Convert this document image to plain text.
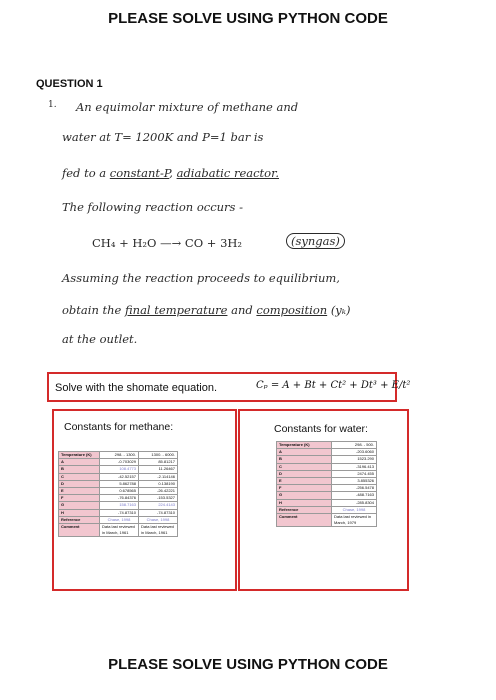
PLEASE SOLVE USING PYTHON CODE
QUESTION 1
1. An equimolar mixture of methane and
water at T= 1200K and P=1 bar is
fed to a constant-P, adiabatic reactor.
The following reaction occurs -
CH₄ + H₂O —→ CO + 3H₂	(syngas)
Assuming the reaction proceeds to equilibrium,
obtain the final temperature and composition (yₖ)
at the outlet.
Solve with the shomate equation.	Cₚ = A + Bt + Ct² + Dt³ + E/t²
Constants for methane:
Temperature (K)	298. - 1300.	1300. - 6000.
A	-0.703029	85.81217
B	108.4773	11.26467
C	-42.52157	-2.114146
D	5.862788	0.138190
E	0.678565	-26.42221
F	-76.84376	-153.5327
G	158.7163	224.4143
H	-74.87310	-74.87310
Reference	Chase, 1998	Chase, 1998
Comment	Data last reviewed in March, 1961	Data last reviewed in March, 1961
Constants for water:
Temperature (K)	298. - 500.
A	-203.6060
B	1523.290
C	-3196.413
D	2474.455
E	3.855326
F	-256.5478
G	-488.7163
H	-285.8304
Reference	Chase, 1998
Comment	Data last reviewed in March, 1979
PLEASE SOLVE USING PYTHON CODE
